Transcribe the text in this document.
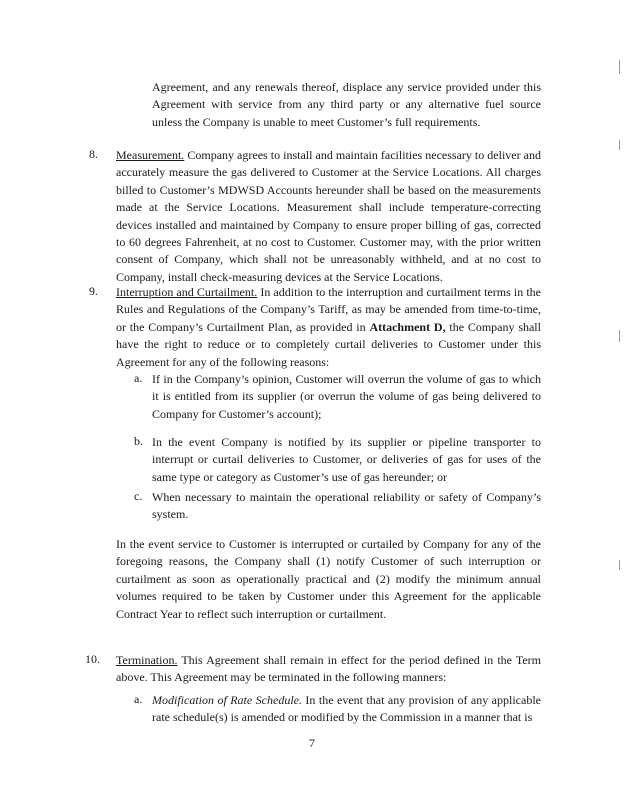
Agreement, and any renewals thereof, displace any service provided under this Agreement with service from any third party or any alternative fuel source unless the Company is unable to meet Customer’s full requirements.

8. Measurement. Company agrees to install and maintain facilities necessary to deliver and accurately measure the gas delivered to Customer at the Service Locations. All charges billed to Customer’s MDWSD Accounts hereunder shall be based on the measurements made at the Service Locations. Measurement shall include temperature-correcting devices installed and maintained by Company to ensure proper billing of gas, corrected to 60 degrees Fahrenheit, at no cost to Customer. Customer may, with the prior written consent of Company, which shall not be unreasonably withheld, and at no cost to Company, install check-measuring devices at the Service Locations.

9. Interruption and Curtailment. In addition to the interruption and curtailment terms in the Rules and Regulations of the Company’s Tariff, as may be amended from time-to-time, or the Company’s Curtailment Plan, as provided in Attachment D, the Company shall have the right to reduce or to completely curtail deliveries to Customer under this Agreement for any of the following reasons:

a. If in the Company’s opinion, Customer will overrun the volume of gas to which it is entitled from its supplier (or overrun the volume of gas being delivered to Company for Customer’s account);

b. In the event Company is notified by its supplier or pipeline transporter to interrupt or curtail deliveries to Customer, or deliveries of gas for uses of the same type or category as Customer’s use of gas hereunder; or

c. When necessary to maintain the operational reliability or safety of Company’s system.

In the event service to Customer is interrupted or curtailed by Company for any of the foregoing reasons, the Company shall (1) notify Customer of such interruption or curtailment as soon as operationally practical and (2) modify the minimum annual volumes required to be taken by Customer under this Agreement for the applicable Contract Year to reflect such interruption or curtailment.

10. Termination. This Agreement shall remain in effect for the period defined in the Term above. This Agreement may be terminated in the following manners:

a. Modification of Rate Schedule. In the event that any provision of any applicable rate schedule(s) is amended or modified by the Commission in a manner that is

7
